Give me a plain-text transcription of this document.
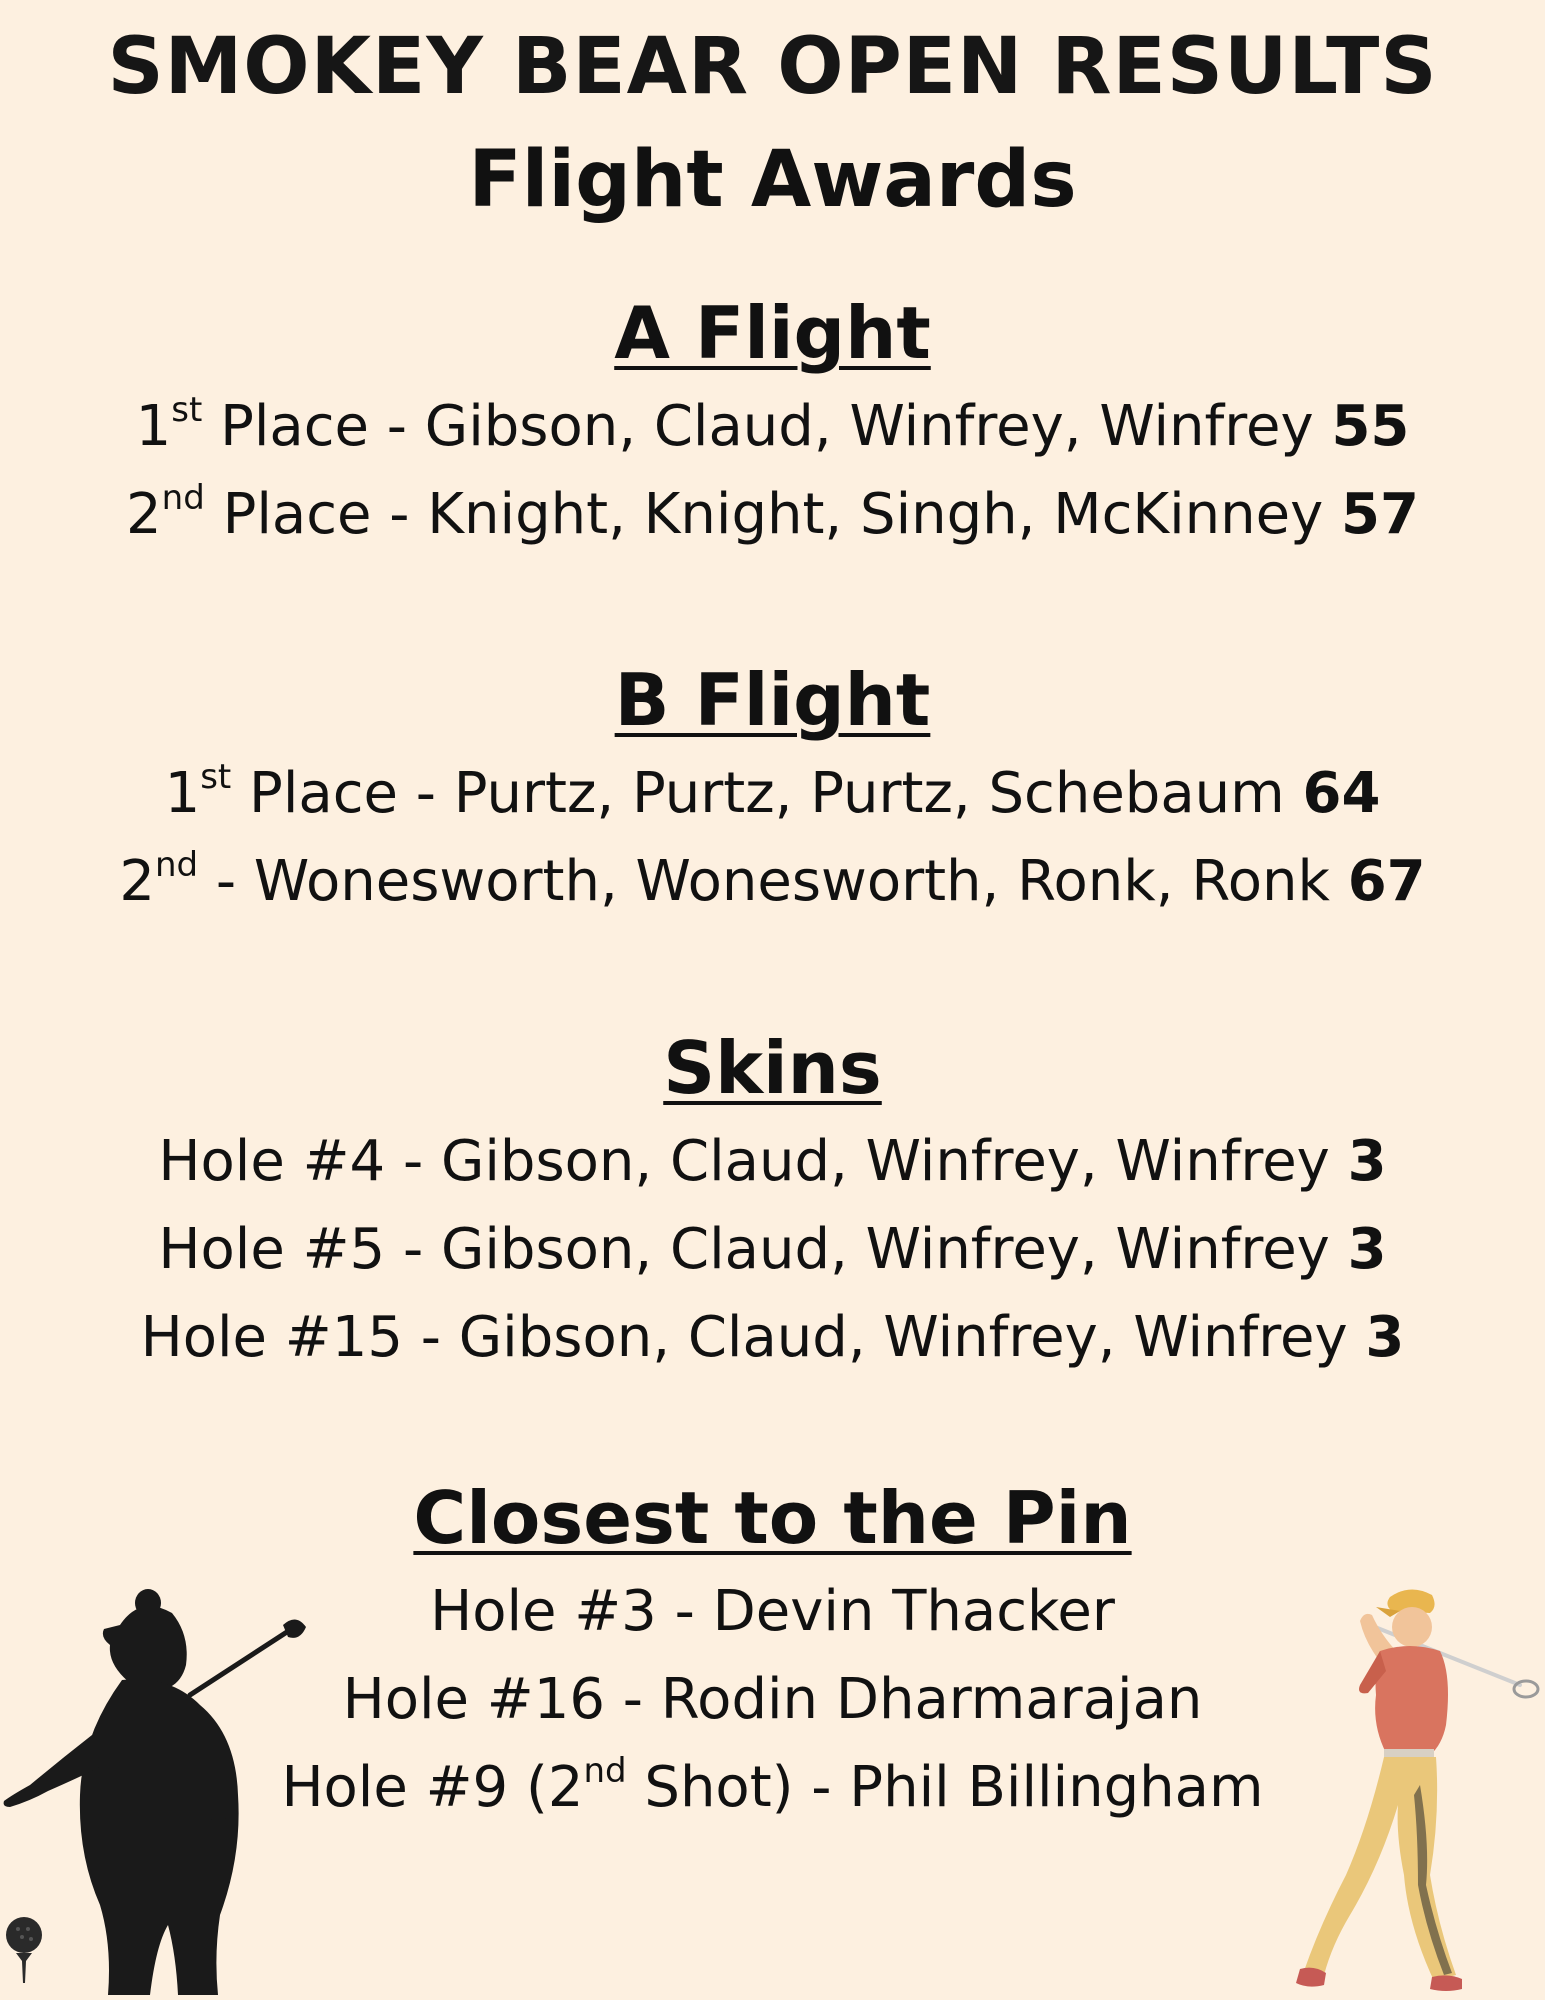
SMOKEY BEAR OPEN RESULTS
Flight Awards
A Flight
1st Place - Gibson, Claud, Winfrey, Winfrey 55
2nd Place - Knight, Knight, Singh, McKinney 57
B Flight
1st Place - Purtz, Purtz, Purtz, Schebaum 64
2nd - Wonesworth, Wonesworth, Ronk, Ronk 67
Skins
Hole #4 - Gibson, Claud, Winfrey, Winfrey 3
Hole #5 - Gibson, Claud, Winfrey, Winfrey 3
Hole #15 - Gibson, Claud, Winfrey, Winfrey 3
Closest to the Pin
Hole #3 - Devin Thacker
Hole #16 - Rodin Dharmarajan
Hole #9 (2nd Shot) - Phil Billingham
